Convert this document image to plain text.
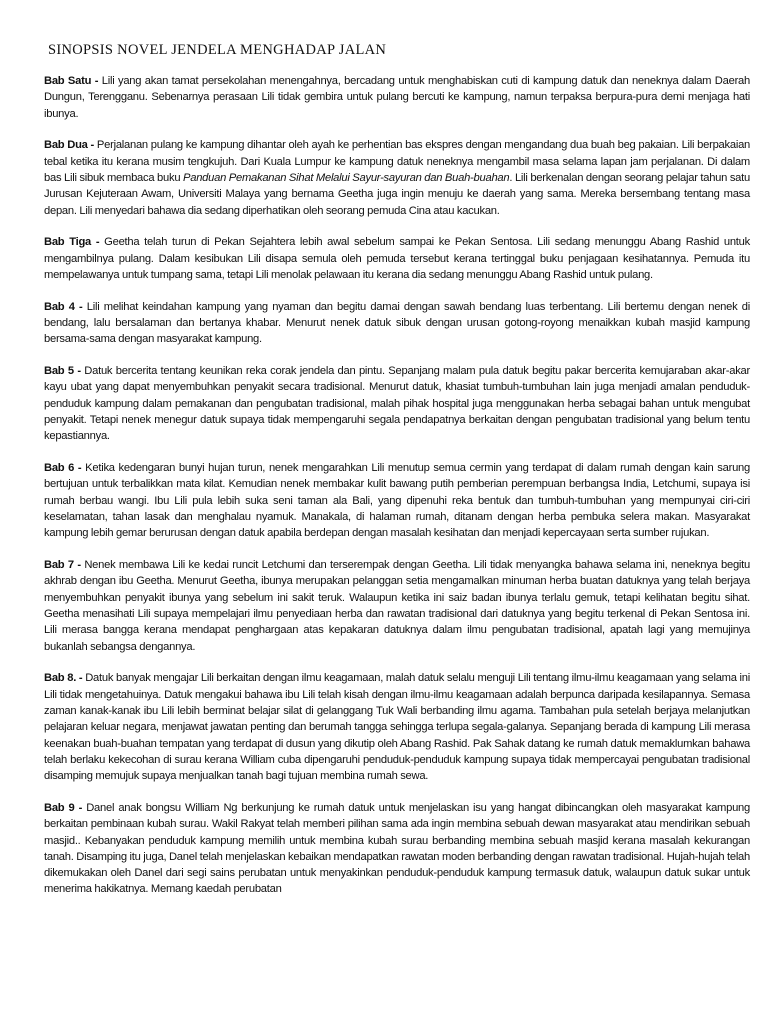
SINOPSIS NOVEL JENDELA MENGHADAP JALAN

Bab Satu - Lili yang akan tamat persekolahan menengahnya, bercadang untuk menghabiskan cuti di kampung datuk dan neneknya dalam Daerah Dungun, Terengganu. Sebenarnya perasaan Lili tidak gembira untuk pulang bercuti ke kampung, namun terpaksa berpura-pura demi menjaga hati ibunya.

Bab Dua - Perjalanan pulang ke kampung dihantar oleh ayah ke perhentian bas ekspres dengan mengandang dua buah beg pakaian. Lili berpakaian tebal ketika itu kerana musim tengkujuh. Dari Kuala Lumpur ke kampung datuk neneknya mengambil masa selama lapan jam perjalanan. Di dalam bas Lili sibuk membaca buku Panduan Pemakanan Sihat Melalui Sayur-sayuran dan Buah-buahan. Lili berkenalan dengan seorang pelajar tahun satu Jurusan Kejuteraan Awam, Universiti Malaya yang bernama Geetha juga ingin menuju ke daerah yang sama. Mereka bersembang tentang masa depan. Lili menyedari bahawa dia sedang diperhatikan oleh seorang pemuda Cina atau kacukan.

Bab Tiga - Geetha telah turun di Pekan Sejahtera lebih awal sebelum sampai ke Pekan Sentosa. Lili sedang menunggu Abang Rashid untuk mengambilnya pulang. Dalam kesibukan Lili disapa semula oleh pemuda tersebut kerana tertinggal buku penjagaan kesihatannya. Pemuda itu mempelawanya untuk tumpang sama, tetapi Lili menolak pelawaan itu kerana dia sedang menunggu Abang Rashid untuk pulang.

Bab 4 - Lili melihat keindahan kampung yang nyaman dan begitu damai dengan sawah bendang luas terbentang. Lili bertemu dengan nenek di bendang, lalu bersalaman dan bertanya khabar. Menurut nenek datuk sibuk dengan urusan gotong-royong menaikkan kubah masjid kampung bersama-sama dengan masyarakat kampung.

Bab 5 - Datuk bercerita tentang keunikan reka corak jendela dan pintu. Sepanjang malam pula datuk begitu pakar bercerita kemujaraban akar-akar kayu ubat yang dapat menyembuhkan penyakit secara tradisional. Menurut datuk, khasiat tumbuh-tumbuhan lain juga menjadi amalan penduduk-penduduk kampung dalam pemakanan dan pengubatan tradisional, malah pihak hospital juga menggunakan herba sebagai bahan untuk mengubat penyakit. Tetapi nenek menegur datuk supaya tidak mempengaruhi segala pendapatnya berkaitan dengan pengubatan tradisional yang belum tentu kepastiannya.

Bab 6 - Ketika kedengaran bunyi hujan turun, nenek mengarahkan Lili menutup semua cermin yang terdapat di dalam rumah dengan kain sarung bertujuan untuk terbalikkan mata kilat. Kemudian nenek membakar kulit bawang putih pemberian perempuan berbangsa India, Letchumi, supaya isi rumah berbau wangi. Ibu Lili pula lebih suka seni taman ala Bali, yang dipenuhi reka bentuk dan tumbuh-tumbuhan yang mempunyai ciri-ciri keselamatan, tahan lasak dan menghalau nyamuk. Manakala, di halaman rumah, ditanam dengan herba pembuka selera makan. Masyarakat kampung lebih gemar berurusan dengan datuk apabila berdepan dengan masalah kesihatan dan menjadi kepercayaan serta sumber rujukan.

Bab 7 - Nenek membawa Lili ke kedai runcit Letchumi dan terserempak dengan Geetha. Lili tidak menyangka bahawa selama ini, neneknya begitu akhrab dengan ibu Geetha. Menurut Geetha, ibunya merupakan pelanggan setia mengamalkan minuman herba buatan datuknya yang telah berjaya menyembuhkan penyakit ibunya yang sebelum ini sakit teruk. Walaupun ketika ini saiz badan ibunya terlalu gemuk, tetapi kelihatan begitu sihat. Geetha menasihati Lili supaya mempelajari ilmu penyediaan herba dan rawatan tradisional dari datuknya yang begitu terkenal di Pekan Sentosa ini. Lili merasa bangga kerana mendapat penghargaan atas kepakaran datuknya dalam ilmu pengubatan tradisional, apatah lagi yang memujinya bukanlah sebangsa dengannya.

Bab 8. - Datuk banyak mengajar Lili berkaitan dengan ilmu keagamaan, malah datuk selalu menguji Lili tentang ilmu-ilmu keagamaan yang selama ini Lili tidak mengetahuinya. Datuk mengakui bahawa ibu Lili telah kisah dengan ilmu-ilmu keagamaan adalah berpunca daripada kesilapannya. Semasa zaman kanak-kanak ibu Lili lebih berminat belajar silat di gelanggang Tuk Wali berbanding ilmu agama. Tambahan pula setelah berjaya melanjutkan pelajaran keluar negara, menjawat jawatan penting dan berumah tangga sehingga terlupa segala-galanya. Sepanjang berada di kampung Lili merasa keenakan buah-buahan tempatan yang terdapat di dusun yang dikutip oleh Abang Rashid. Pak Sahak datang ke rumah datuk memaklumkan bahawa telah berlaku kekecohan di surau kerana William cuba dipengaruhi penduduk-penduduk kampung supaya tidak mempercayai pengubatan tradisional disamping memujuk supaya menjualkan tanah bagi tujuan membina rumah sewa.

Bab 9 - Danel anak bongsu William Ng berkunjung ke rumah datuk untuk menjelaskan isu yang hangat dibincangkan oleh masyarakat kampung berkaitan pembinaan kubah surau. Wakil Rakyat telah memberi pilihan sama ada ingin membina sebuah dewan masyarakat atau mendirikan sebuah masjid.. Kebanyakan penduduk kampung memilih untuk membina kubah surau berbanding membina sebuah masjid kerana masalah kekurangan tanah. Disamping itu juga, Danel telah menjelaskan kebaikan mendapatkan rawatan moden berbanding dengan rawatan tradisional. Hujah-hujah telah dikemukakan oleh Danel dari segi sains perubatan untuk menyakinkan penduduk-penduduk kampung termasuk datuk, walaupun datuk sukar untuk menerima hakikatnya. Memang kaedah perubatan
